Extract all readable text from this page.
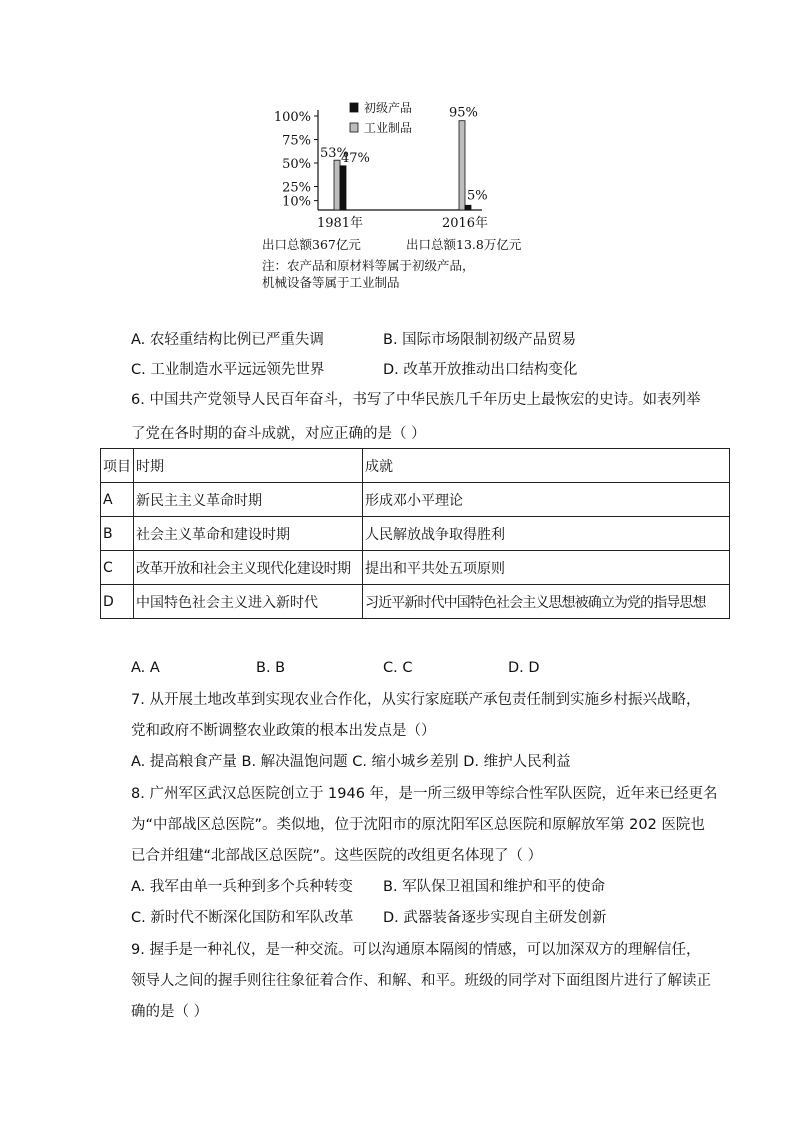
100%
75%
50%
25%
10%
初级产品
工业制品
53%
47%
1981年
95%
5%
2016年
出口总额367亿元	出口总额13.8万亿元
注：农产品和原材料等属于初级产品，
机械设备等属于工业制品
A. 农轻重结构比例已严重失调	B. 国际市场限制初级产品贸易
C. 工业制造水平远远领先世界	D. 改革开放推动出口结构变化
6. 中国共产党领导人民百年奋斗，书写了中华民族几千年历史上最恢宏的史诗。如表列举
了党在各时期的奋斗成就，对应正确的是（ ）
项目	时期	成就
A	新民主主义革命时期	形成邓小平理论
B	社会主义革命和建设时期	人民解放战争取得胜利
C	改革开放和社会主义现代化建设时期	提出和平共处五项原则
D	中国特色社会主义进入新时代	习近平新时代中国特色社会主义思想被确立为党的指导思想
A. A	B. B	C. C	D. D
7. 从开展土地改革到实现农业合作化，从实行家庭联产承包责任制到实施乡村振兴战略，
党和政府不断调整农业政策的根本出发点是（）
A. 提高粮食产量 B. 解决温饱问题 C. 缩小城乡差别 D. 维护人民利益
8. 广州军区武汉总医院创立于 1946 年，是一所三级甲等综合性军队医院，近年来已经更名
为“中部战区总医院”。类似地，位于沈阳市的原沈阳军区总医院和原解放军第 202 医院也
已合并组建“北部战区总医院”。这些医院的改组更名体现了（ ）
A. 我军由单一兵种到多个兵种转变 B. 军队保卫祖国和维护和平的使命
C. 新时代不断深化国防和军队改革 D. 武器装备逐步实现自主研发创新
9. 握手是一种礼仪，是一种交流。可以沟通原本隔阂的情感，可以加深双方的理解信任，
领导人之间的握手则往往象征着合作、和解、和平。班级的同学对下面组图片进行了解读正
确的是（ ）
